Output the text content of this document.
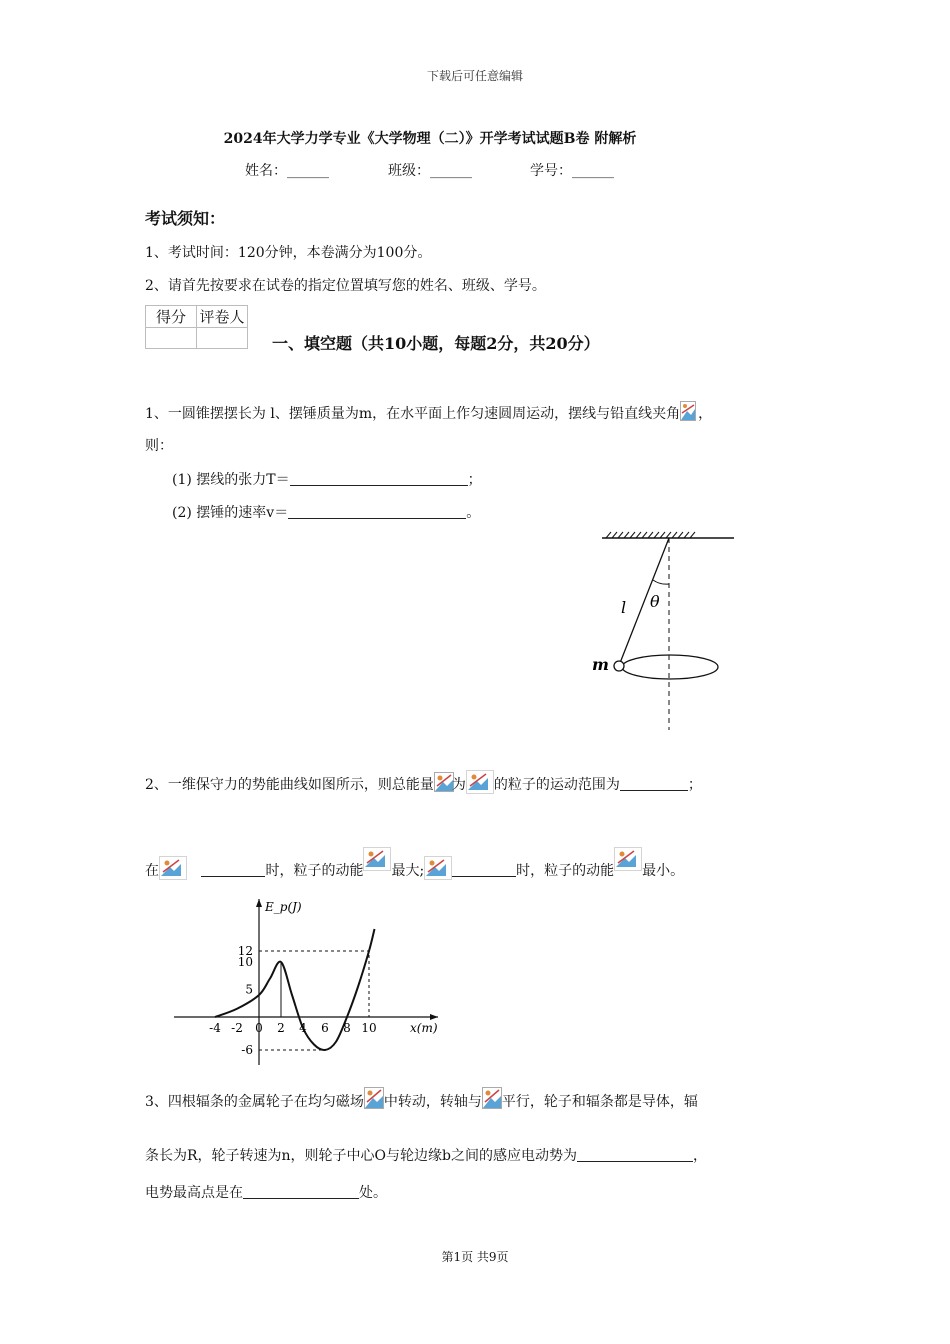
下载后可任意编辑
2024年大学力学专业《大学物理（二）》开学考试试题B卷 附解析
姓名：______	班级：______	学号：______
考试须知：
1、考试时间：120分钟，本卷满分为100分。
2、请首先按要求在试卷的指定位置填写您的姓名、班级、学号。
得分	评卷人

一、填空题（共10小题，每题2分，共20分）
1、一圆锥摆摆长为 l、摆锤质量为m，在水平面上作匀速圆周运动，摆线与铅直线夹角 ，
则：
(1) 摆线的张力T＝	；
(2) 摆锤的速率v＝	。
l θ
m
2、一维保守力的势能曲线如图所示，则总能量 为 的粒子的运动范围为	；
在	时，粒子的动能 最大;	时，粒子的动能 最小。
-4 -2 0 2 4 6 8 10
12
10
5
-6
E_p(J)
x(m)
3、四根辐条的金属轮子在均匀磁场 中转动，转轴与 平行，轮子和辐条都是导体，辐
条长为R，轮子转速为n，则轮子中心O与轮边缘b之间的感应电动势为	，
电势最高点是在	处。
第1页 共9页
